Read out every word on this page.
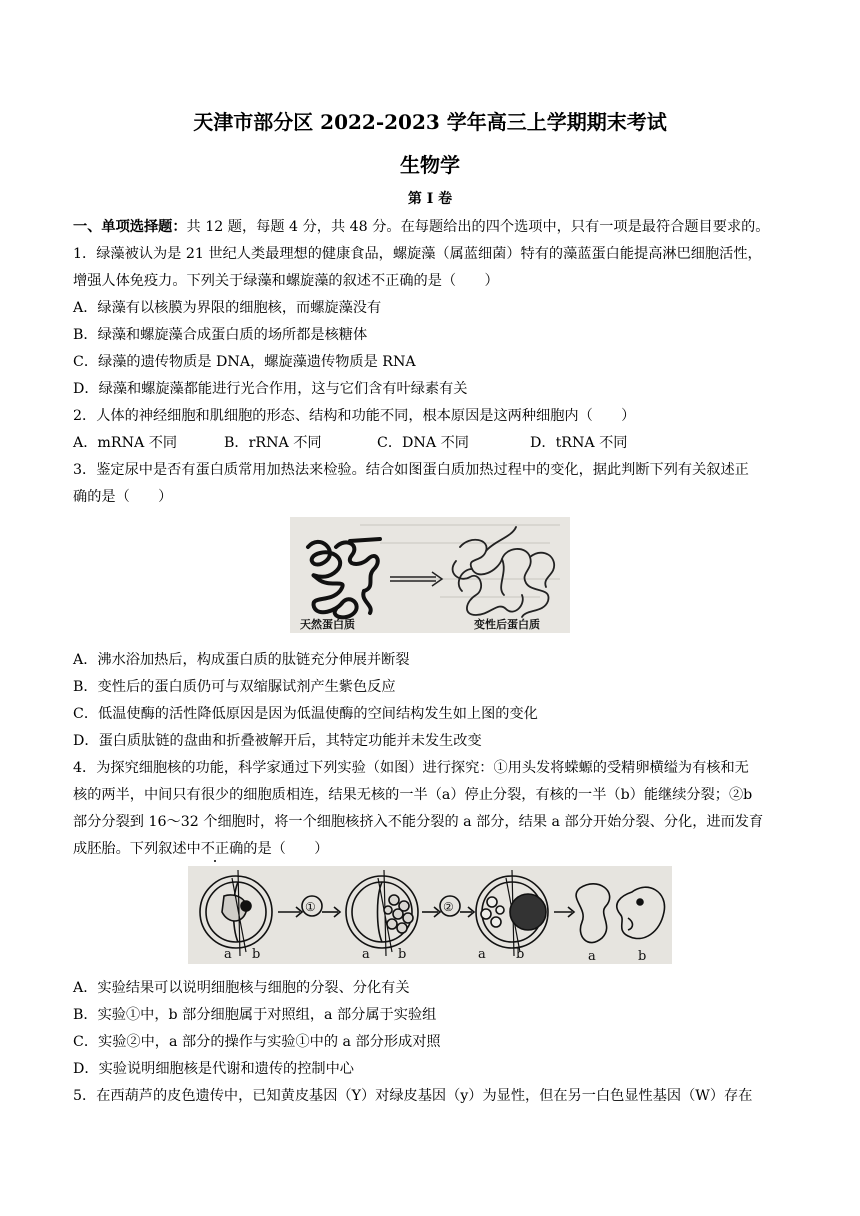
天津市部分区 2022-2023 学年高三上学期期末考试
生物学
第 I 卷
一、单项选择题：共 12 题，每题 4 分，共 48 分。在每题给出的四个选项中，只有一项是最符合题目要求的。
1．绿藻被认为是 21 世纪人类最理想的健康食品，螺旋藻（属蓝细菌）特有的藻蓝蛋白能提高淋巴细胞活性，
增强人体免疫力。下列关于绿藻和螺旋藻的叙述不正确的是（　　）
A．绿藻有以核膜为界限的细胞核，而螺旋藻没有
B．绿藻和螺旋藻合成蛋白质的场所都是核糖体
C．绿藻的遗传物质是 DNA，螺旋藻遗传物质是 RNA
D．绿藻和螺旋藻都能进行光合作用，这与它们含有叶绿素有关
2．人体的神经细胞和肌细胞的形态、结构和功能不同，根本原因是这两种细胞内（　　）
A．mRNA 不同	B．rRNA 不同	C．DNA 不同	D．tRNA 不同
3．鉴定尿中是否有蛋白质常用加热法来检验。结合如图蛋白质加热过程中的变化，据此判断下列有关叙述正
确的是（　　）
天然蛋白质	变性后蛋白质
A．沸水浴加热后，构成蛋白质的肽链充分伸展并断裂
B．变性后的蛋白质仍可与双缩脲试剂产生紫色反应
C．低温使酶的活性降低原因是因为低温使酶的空间结构发生如上图的变化
D．蛋白质肽链的盘曲和折叠被解开后，其特定功能并未发生改变
4．为探究细胞核的功能，科学家通过下列实验（如图）进行探究：①用头发将蝾螈的受精卵横缢为有核和无
核的两半，中间只有很少的细胞质相连，结果无核的一半（a）停止分裂，有核的一半（b）能继续分裂；②b
部分分裂到 16～32 个细胞时，将一个细胞核挤入不能分裂的 a 部分，结果 a 部分开始分裂、分化，进而发育
成胚胎。下列叙述中不正确的是（　　）
a b
①
a b
②
a b	a	b
A．实验结果可以说明细胞核与细胞的分裂、分化有关
B．实验①中，b 部分细胞属于对照组，a 部分属于实验组
C．实验②中，a 部分的操作与实验①中的 a 部分形成对照
D．实验说明细胞核是代谢和遗传的控制中心
5．在西葫芦的皮色遗传中，已知黄皮基因（Y）对绿皮基因（y）为显性，但在另一白色显性基因（W）存在
